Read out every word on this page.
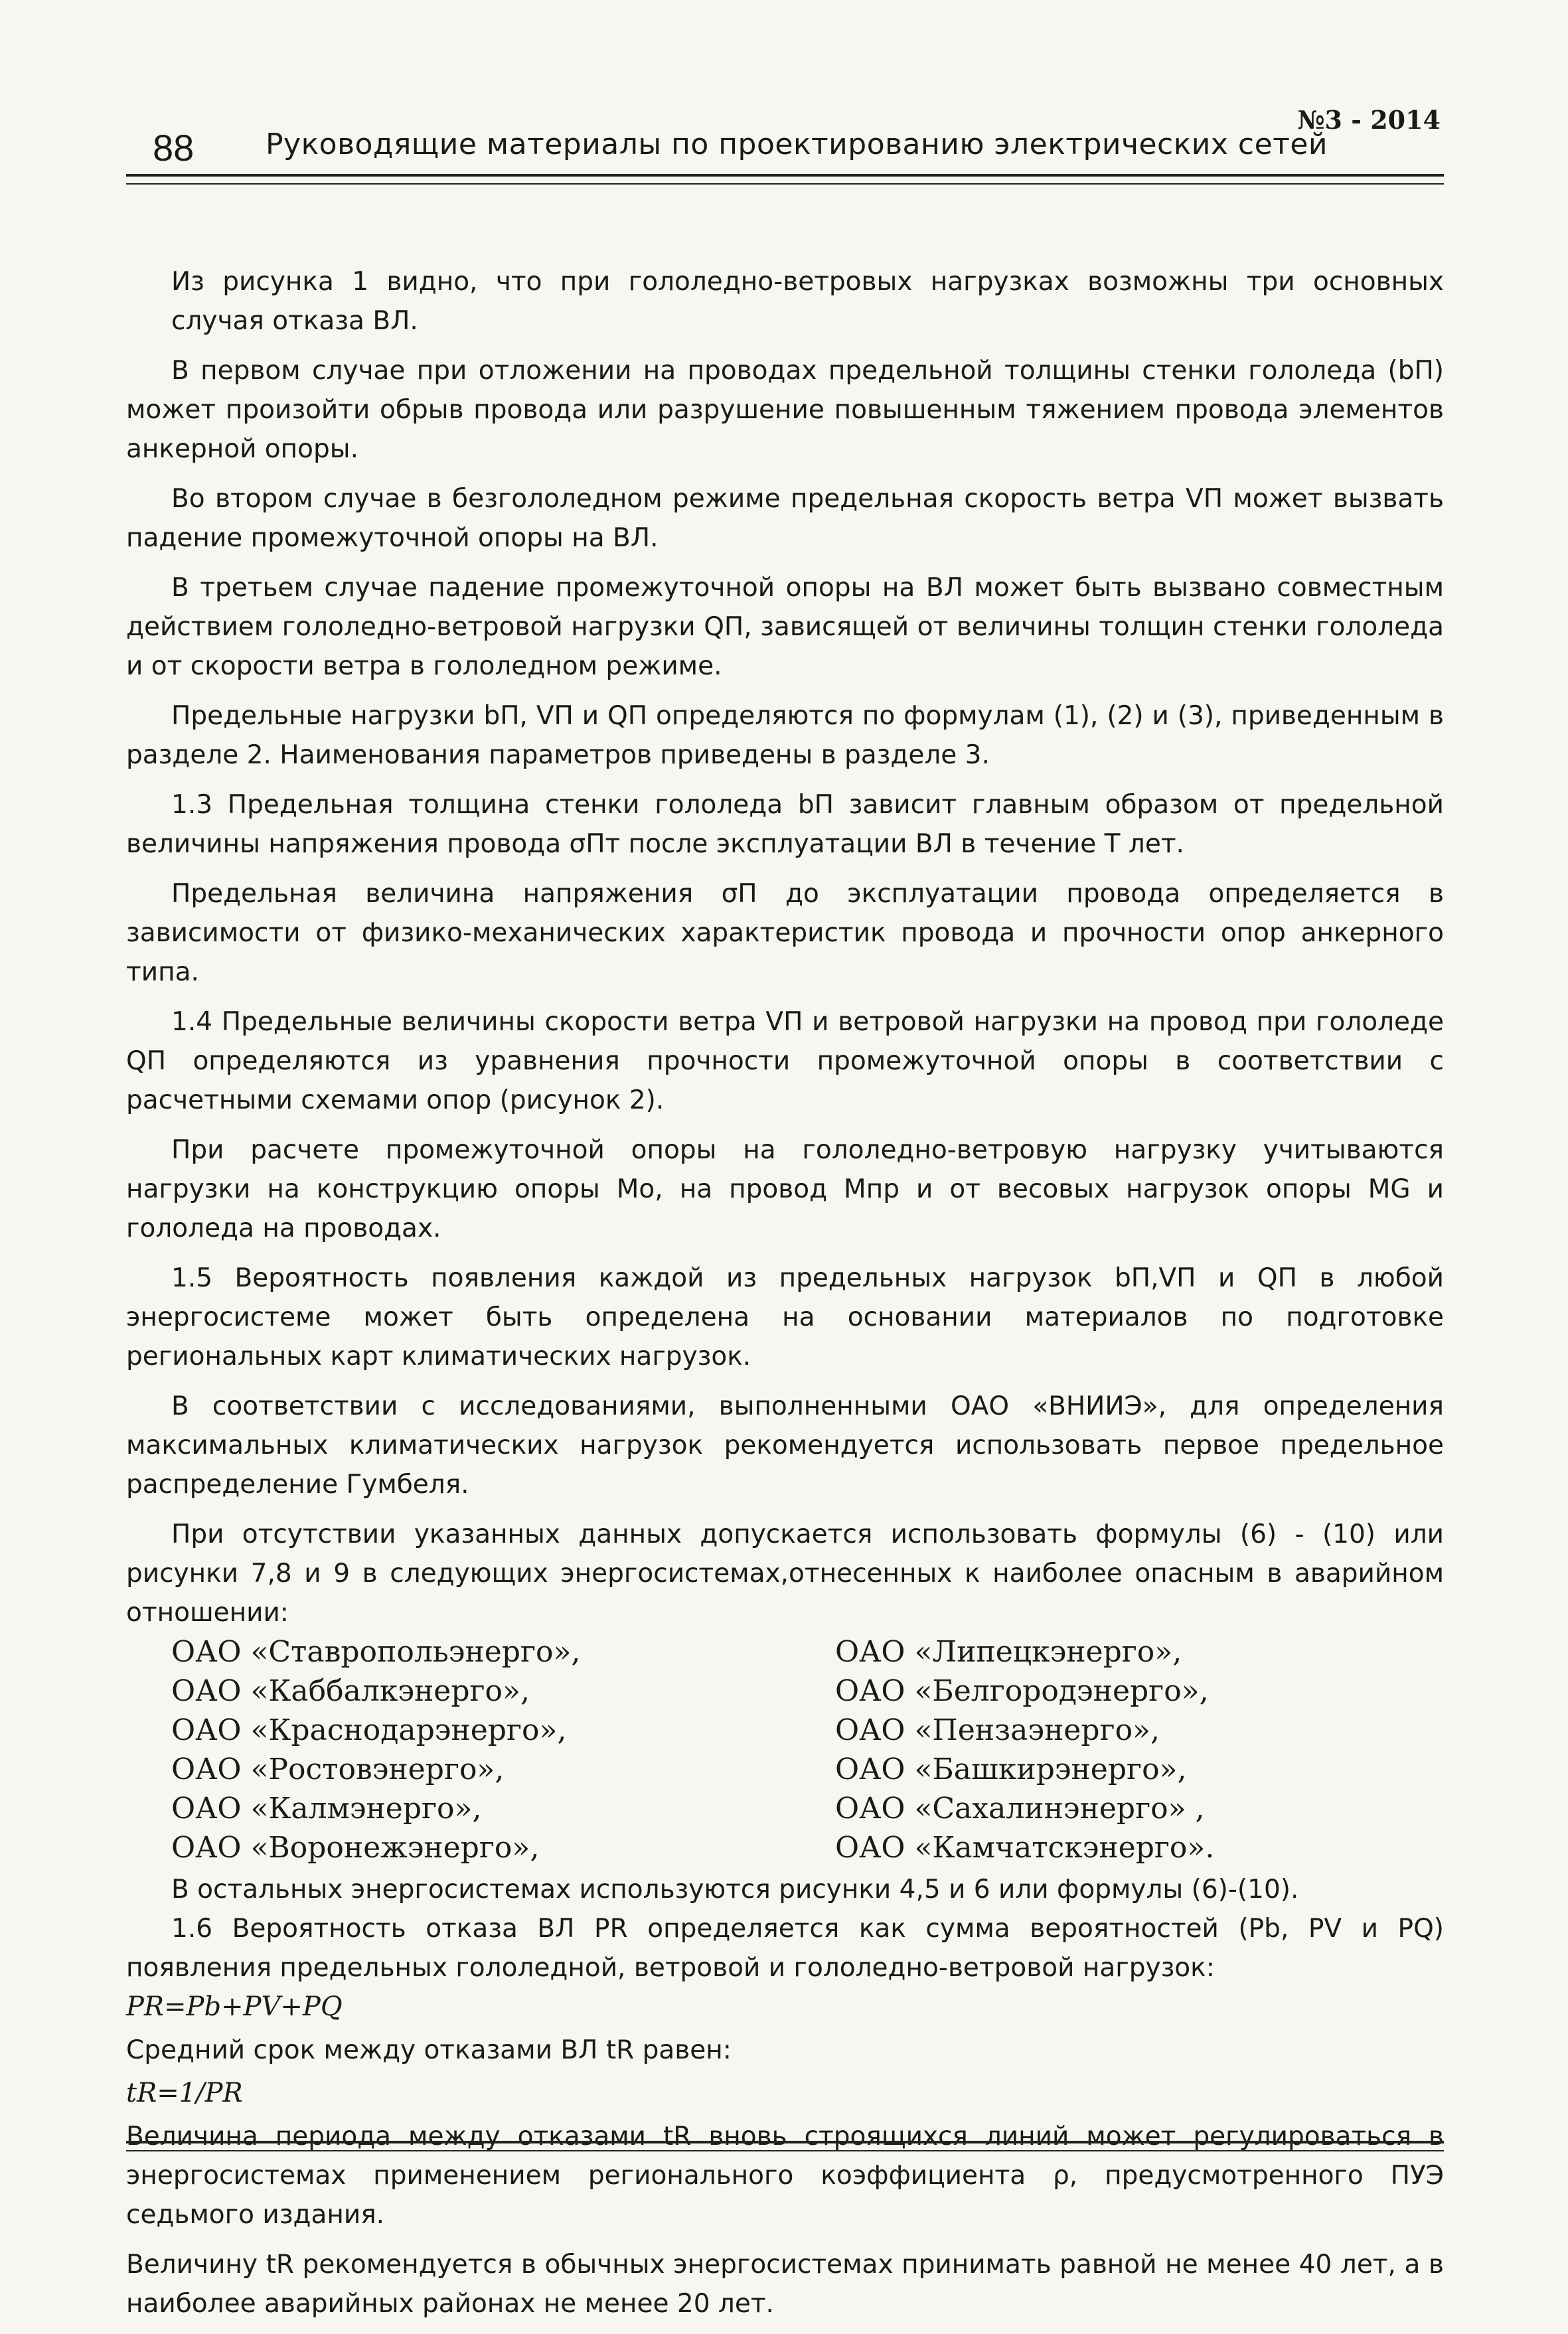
88 Руководящие материалы по проектированию электрических сетей
№3 - 2014

Из рисунка 1 видно, что при гололедно-ветровых нагрузках возможны три основных случая отказа ВЛ.

В первом случае при отложении на проводах предельной толщины стенки гололеда (bП) может произойти обрыв провода или разрушение повышенным тяжением провода элементов анкерной опоры.

Во втором случае в безгололедном режиме предельная скорость ветра VП может вызвать падение промежуточной опоры на ВЛ.

В третьем случае падение промежуточной опоры на ВЛ может быть вызвано совместным действием гололедно-ветровой нагрузки QП, зависящей от величины толщин стенки гололеда и от скорости ветра в гололедном режиме.

Предельные нагрузки bП, VП и QП определяются по формулам (1), (2) и (3), приведенным в разделе 2. Наименования параметров приведены в разделе 3.

1.3 Предельная толщина стенки гололеда bП зависит главным образом от предельной величины напряжения провода σПт после эксплуатации ВЛ в течение Т лет.

Предельная величина напряжения σП до эксплуатации провода определяется в зависимости от физико-механических характеристик провода и прочности опор анкерного типа.

1.4 Предельные величины скорости ветра VП и ветровой нагрузки на провод при гололеде QП определяются из уравнения прочности промежуточной опоры в соответствии с расчетными схемами опор (рисунок 2).

При расчете промежуточной опоры на гололедно-ветровую нагрузку учитываются нагрузки на конструкцию опоры Mо, на провод Mпр и от весовых нагрузок опоры MG и гололеда на проводах.

1.5 Вероятность появления каждой из предельных нагрузок bП,VП и QП в любой энергосистеме может быть определена на основании материалов по подготовке региональных карт климатических нагрузок.

В соответствии с исследованиями, выполненными ОАО «ВНИИЭ», для определения максимальных климатических нагрузок рекомендуется использовать первое предельное распределение Гумбеля.

При отсутствии указанных данных допускается использовать формулы (6) - (10) или рисунки 7,8 и 9 в следующих энергосистемах,отнесенных к наиболее опасным в аварийном отношении:

ОАО «Ставропольэнерго»,	ОАО «Липецкэнерго»,
ОАО «Каббалкэнерго»,	ОАО «Белгородэнерго»,
ОАО «Краснодарэнерго»,	ОАО «Пензаэнерго»,
ОАО «Ростовэнерго»,	ОАО «Башкирэнерго»,
ОАО «Калмэнерго»,	ОАО «Сахалинэнерго» ,
ОАО «Воронежэнерго»,	ОАО «Камчатскэнерго».

В остальных энергосистемах используются рисунки 4,5 и 6 или формулы (6)-(10).

1.6 Вероятность отказа ВЛ PR определяется как сумма вероятностей (Pb, PV и PQ) появления предельных гололедной, ветровой и гололедно-ветровой нагрузок:

PR=Pb+PV+PQ
Средний срок между отказами ВЛ tR равен:
tR=1/PR

Величина периода между отказами tR вновь строящихся линий может регулироваться в энергосистемах применением регионального коэффициента ρ, предусмотренного ПУЭ седьмого издания.

Величину tR рекомендуется в обычных энергосистемах принимать равной не менее 40 лет, а в наиболее аварийных районах не менее 20 лет.
